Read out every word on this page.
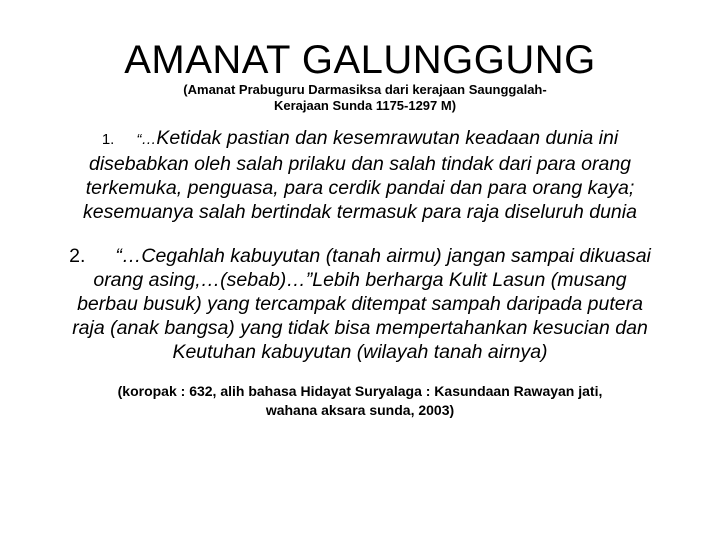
AMANAT GALUNGGUNG
(Amanat Prabuguru Darmasiksa dari kerajaan Saunggalah-
Kerajaan Sunda 1175-1297 M)
1. “…Ketidak pastian dan kesemrawutan keadaan dunia ini
disebabkan oleh salah prilaku dan salah tindak dari para orang
terkemuka, penguasa, para cerdik pandai dan para orang kaya;
kesemuanya salah bertindak termasuk para raja diseluruh dunia
2. “…Cegahlah kabuyutan (tanah airmu) jangan sampai dikuasai
orang asing,…(sebab)…”Lebih berharga Kulit Lasun (musang
berbau busuk) yang tercampak ditempat sampah daripada putera
raja (anak bangsa) yang tidak bisa mempertahankan kesucian dan
Keutuhan kabuyutan (wilayah tanah airnya)
(koropak : 632, alih bahasa Hidayat Suryalaga : Kasundaan Rawayan jati,
wahana aksara sunda, 2003)
